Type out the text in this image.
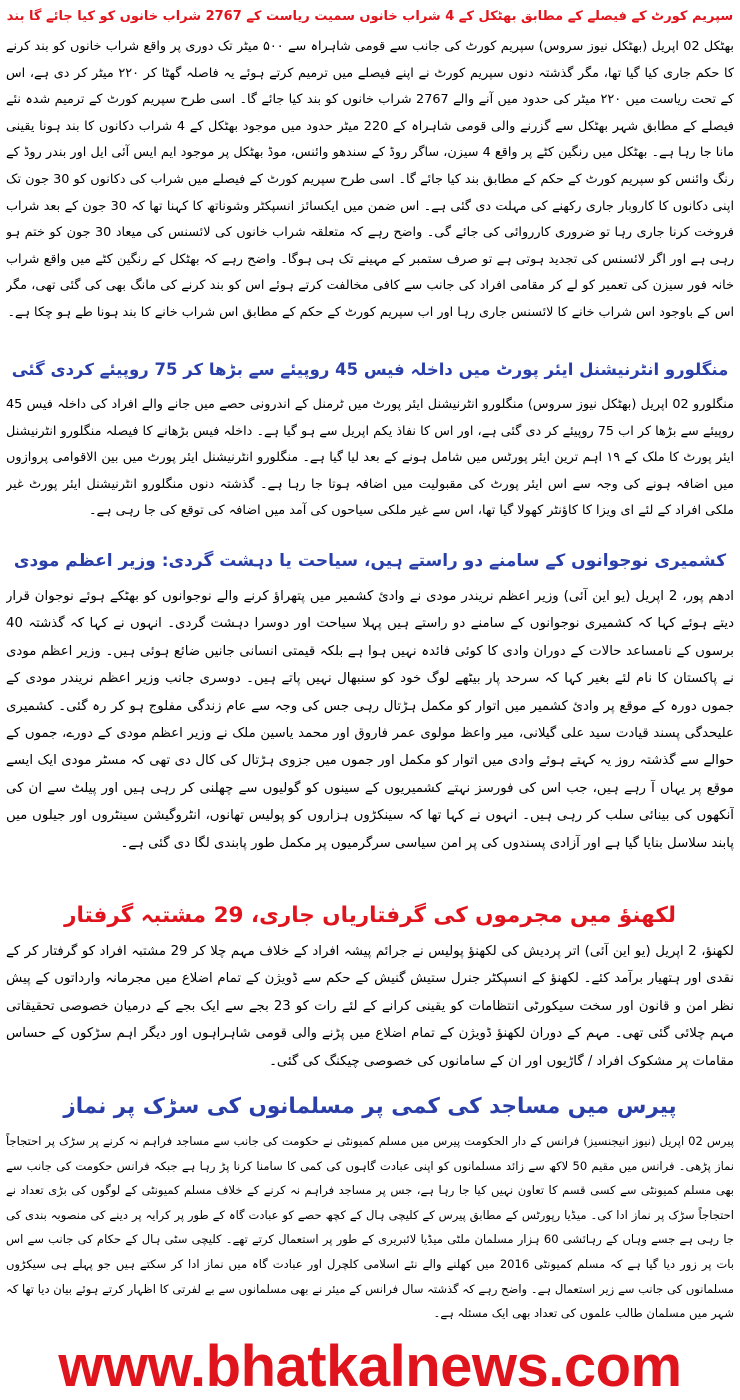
سپریم کورٹ کے فیصلے کے مطابق بھٹکل کے 4 شراب خانوں سمیت ریاست کے 2767 شراب خانوں کو کیا جائے گا بند

بھٹکل 02 اپریل (بھٹکل نیوز سروس) سپریم کورٹ کی جانب سے قومی شاہراہ سے ۵۰۰ میٹر تک دوری پر واقع شراب خانوں کو بند کرنے کا حکم جاری کیا گیا تھا، مگر گذشتہ دنوں سپریم کورٹ نے اپنے فیصلے میں ترمیم کرتے ہوئے یہ فاصلہ گھٹا کر ۲۲۰ میٹر کر دی ہے، اس کے تحت ریاست میں ۲۲۰ میٹر کی حدود میں آنے والے 2767 شراب خانوں کو بند کیا جائے گا۔ اسی طرح سپریم کورٹ کے ترمیم شدہ نئے فیصلے کے مطابق شہر بھٹکل سے گزرنے والی قومی شاہراہ کے 220 میٹر حدود میں موجود بھٹکل کے 4 شراب دکانوں کا بند ہونا یقینی مانا جا رہا ہے۔ بھٹکل میں رنگین کٹے پر واقع 4 سیزن، ساگر روڈ کے سندھو وائنس، موڈ بھٹکل پر موجود ایم ایس آئی ایل اور بندر روڈ کے رنگ وائنس کو سپریم کورٹ کے حکم کے مطابق بند کیا جائے گا۔ اسی طرح سپریم کورٹ کے فیصلے میں شراب کی دکانوں کو 30 جون تک اپنی دکانوں کا کاروبار جاری رکھنے کی مہلت دی گئی ہے۔ اس ضمن میں ایکسائز انسپکٹر وشوناتھ کا کہنا تھا کہ 30 جون کے بعد شراب فروخت کرنا جاری رہا تو ضروری کارروائی کی جائے گی۔ واضح رہے کہ متعلقہ شراب خانوں کی لائسنس کی میعاد 30 جون کو ختم ہو رہی ہے اور اگر لائسنس کی تجدید ہوتی ہے تو صرف ستمبر کے مہینے تک ہی ہوگا۔ واضح رہے کہ بھٹکل کے رنگین کٹے میں واقع شراب خانہ فور سیزن کی تعمیر کو لے کر مقامی افراد کی جانب سے کافی مخالفت کرتے ہوئے اس کو بند کرنے کی مانگ بھی کی گئی تھی، مگر اس کے باوجود اس شراب خانے کا لائسنس جاری رہا اور اب سپریم کورٹ کے حکم کے مطابق اس شراب خانے کا بند ہونا طے ہو چکا ہے۔

منگلورو انٹرنیشنل ایئر پورٹ میں داخلہ فیس 45 روپیئے سے بڑھا کر 75 روپیئے کردی گئی

منگلورو 02 اپریل (بھٹکل نیوز سروس) منگلورو انٹرنیشنل ایئر پورٹ میں ٹرمنل کے اندرونی حصے میں جانے والے افراد کی داخلہ فیس 45 روپیئے سے بڑھا کر اب 75 روپیئے کر دی گئی ہے، اور اس کا نفاذ یکم اپریل سے ہو گیا ہے۔ داخلہ فیس بڑھانے کا فیصلہ منگلورو انٹرنیشنل ایئر پورٹ کا ملک کے ۱۹ اہم ترین ایئر پورٹس میں شامل ہونے کے بعد لیا گیا ہے۔ منگلورو انٹرنیشنل ایئر پورٹ میں بین الاقوامی پروازوں میں اضافہ ہونے کی وجہ سے اس ایئر پورٹ کی مقبولیت میں اضافہ ہوتا جا رہا ہے۔ گذشتہ دنوں منگلورو انٹرنیشنل ایئر پورٹ غیر ملکی افراد کے لئے ای ویزا کا کاؤنٹر کھولا گیا تھا، اس سے غیر ملکی سیاحوں کی آمد میں اضافہ کی توقع کی جا رہی ہے۔

کشمیری نوجوانوں کے سامنے دو راستے ہیں، سیاحت یا دہشت گردی: وزیر اعظم مودی

ادھم پور، 2 اپریل (یو این آئی) وزیر اعظم نریندر مودی نے وادیٔ کشمیر میں پتھراؤ کرنے والے نوجوانوں کو بھٹکے ہوئے نوجوان قرار دیتے ہوئے کہا کہ کشمیری نوجوانوں کے سامنے دو راستے ہیں پہلا سیاحت اور دوسرا دہشت گردی۔ انہوں نے کہا کہ گذشتہ 40 برسوں کے نامساعد حالات کے دوران وادی کا کوئی فائدہ نہیں ہوا ہے بلکہ قیمتی انسانی جانیں ضائع ہوئی ہیں۔ وزیر اعظم مودی نے پاکستان کا نام لئے بغیر کہا کہ سرحد پار بیٹھے لوگ خود کو سنبھال نہیں پاتے ہیں۔ دوسری جانب وزیر اعظم نریندر مودی کے جموں دورہ کے موقع پر وادیٔ کشمیر میں اتوار کو مکمل ہڑتال رہی جس کی وجہ سے عام زندگی مفلوج ہو کر رہ گئی۔ کشمیری علیحدگی پسند قیادت سید علی گیلانی، میر واعظ مولوی عمر فاروق اور محمد یاسین ملک نے وزیر اعظم مودی کے دورے، جموں کے حوالے سے گذشتہ روز یہ کہتے ہوئے وادی میں اتوار کو مکمل اور جموں میں جزوی ہڑتال کی کال دی تھی کہ مسٹر مودی ایک ایسے موقع پر یہاں آ رہے ہیں، جب اس کی فورسز نہتے کشمیریوں کے سینوں کو گولیوں سے چھلنی کر رہی ہیں اور پیلٹ سے ان کی آنکھوں کی بینائی سلب کر رہی ہیں۔ انہوں نے کہا تھا کہ سینکڑوں ہزاروں کو پولیس تھانوں، انٹروگیشن سینٹروں اور جیلوں میں پابند سلاسل بنایا گیا ہے اور آزادی پسندوں کی پر امن سیاسی سرگرمیوں پر مکمل طور پابندی لگا دی گئی ہے۔

لکھنؤ میں مجرموں کی گرفتاریاں جاری، 29 مشتبہ گرفتار

لکھنؤ، 2 اپریل (یو این آئی) اتر پردیش کی لکھنؤ پولیس نے جرائم پیشہ افراد کے خلاف مہم چلا کر 29 مشتبہ افراد کو گرفتار کر کے نقدی اور ہتھیار برآمد کئے۔ لکھنؤ کے انسپکٹر جنرل ستیش گنیش کے حکم سے ڈویژن کے تمام اضلاع میں مجرمانہ وارداتوں کے پیش نظر امن و قانون اور سخت سیکورٹی انتظامات کو یقینی کرانے کے لئے رات کو 23 بجے سے ایک بجے کے درمیان خصوصی تحقیقاتی مہم چلائی گئی تھی۔ مہم کے دوران لکھنؤ ڈویژن کے تمام اضلاع میں پڑنے والی قومی شاہراہوں اور دیگر اہم سڑکوں کے حساس مقامات پر مشکوک افراد / گاڑیوں اور ان کے سامانوں کی خصوصی چیکنگ کی گئی۔

پیرس میں مساجد کی کمی پر مسلمانوں کی سڑک پر نماز

پیرس 02 اپریل (نیوز انیجنسیز) فرانس کے دار الحکومت پیرس میں مسلم کمیونٹی نے حکومت کی جانب سے مساجد فراہم نہ کرنے پر سڑک پر احتجاجاً نماز پڑھی۔ فرانس میں مقیم 50 لاکھ سے زائد مسلمانوں کو اپنی عبادت گاہوں کی کمی کا سامنا کرنا پڑ رہا ہے جبکہ فرانس حکومت کی جانب سے بھی مسلم کمیونٹی سے کسی قسم کا تعاون نہیں کیا جا رہا ہے، جس پر مساجد فراہم نہ کرنے کے خلاف مسلم کمیونٹی کے لوگوں کی بڑی تعداد نے احتجاجاً سڑک پر نماز ادا کی۔ میڈیا رپورٹس کے مطابق پیرس کے کلیچی ہال کے کچھ حصے کو عبادت گاہ کے طور پر کرایہ پر دینے کی منصوبہ بندی کی جا رہی ہے جسے وہاں کے رہائشی 60 ہزار مسلمان ملٹی میڈیا لائبریری کے طور پر استعمال کرتے تھے۔ کلیچی سٹی ہال کے حکام کی جانب سے اس بات پر زور دیا گیا ہے کہ مسلم کمیونٹی 2016 میں کھلنے والے نئے اسلامی کلچرل اور عبادت گاہ میں نماز ادا کر سکتے ہیں جو پہلے ہی سیکڑوں مسلمانوں کی جانب سے زیر استعمال ہے۔ واضح رہے کہ گذشتہ سال فرانس کے میئر نے بھی مسلمانوں سے بے لفرتی کا اظہار کرتے ہوئے بیان دیا تھا کہ شہر میں مسلمان طالب علموں کی تعداد بھی ایک مسئلہ ہے۔

www.bhatkalnews.com
